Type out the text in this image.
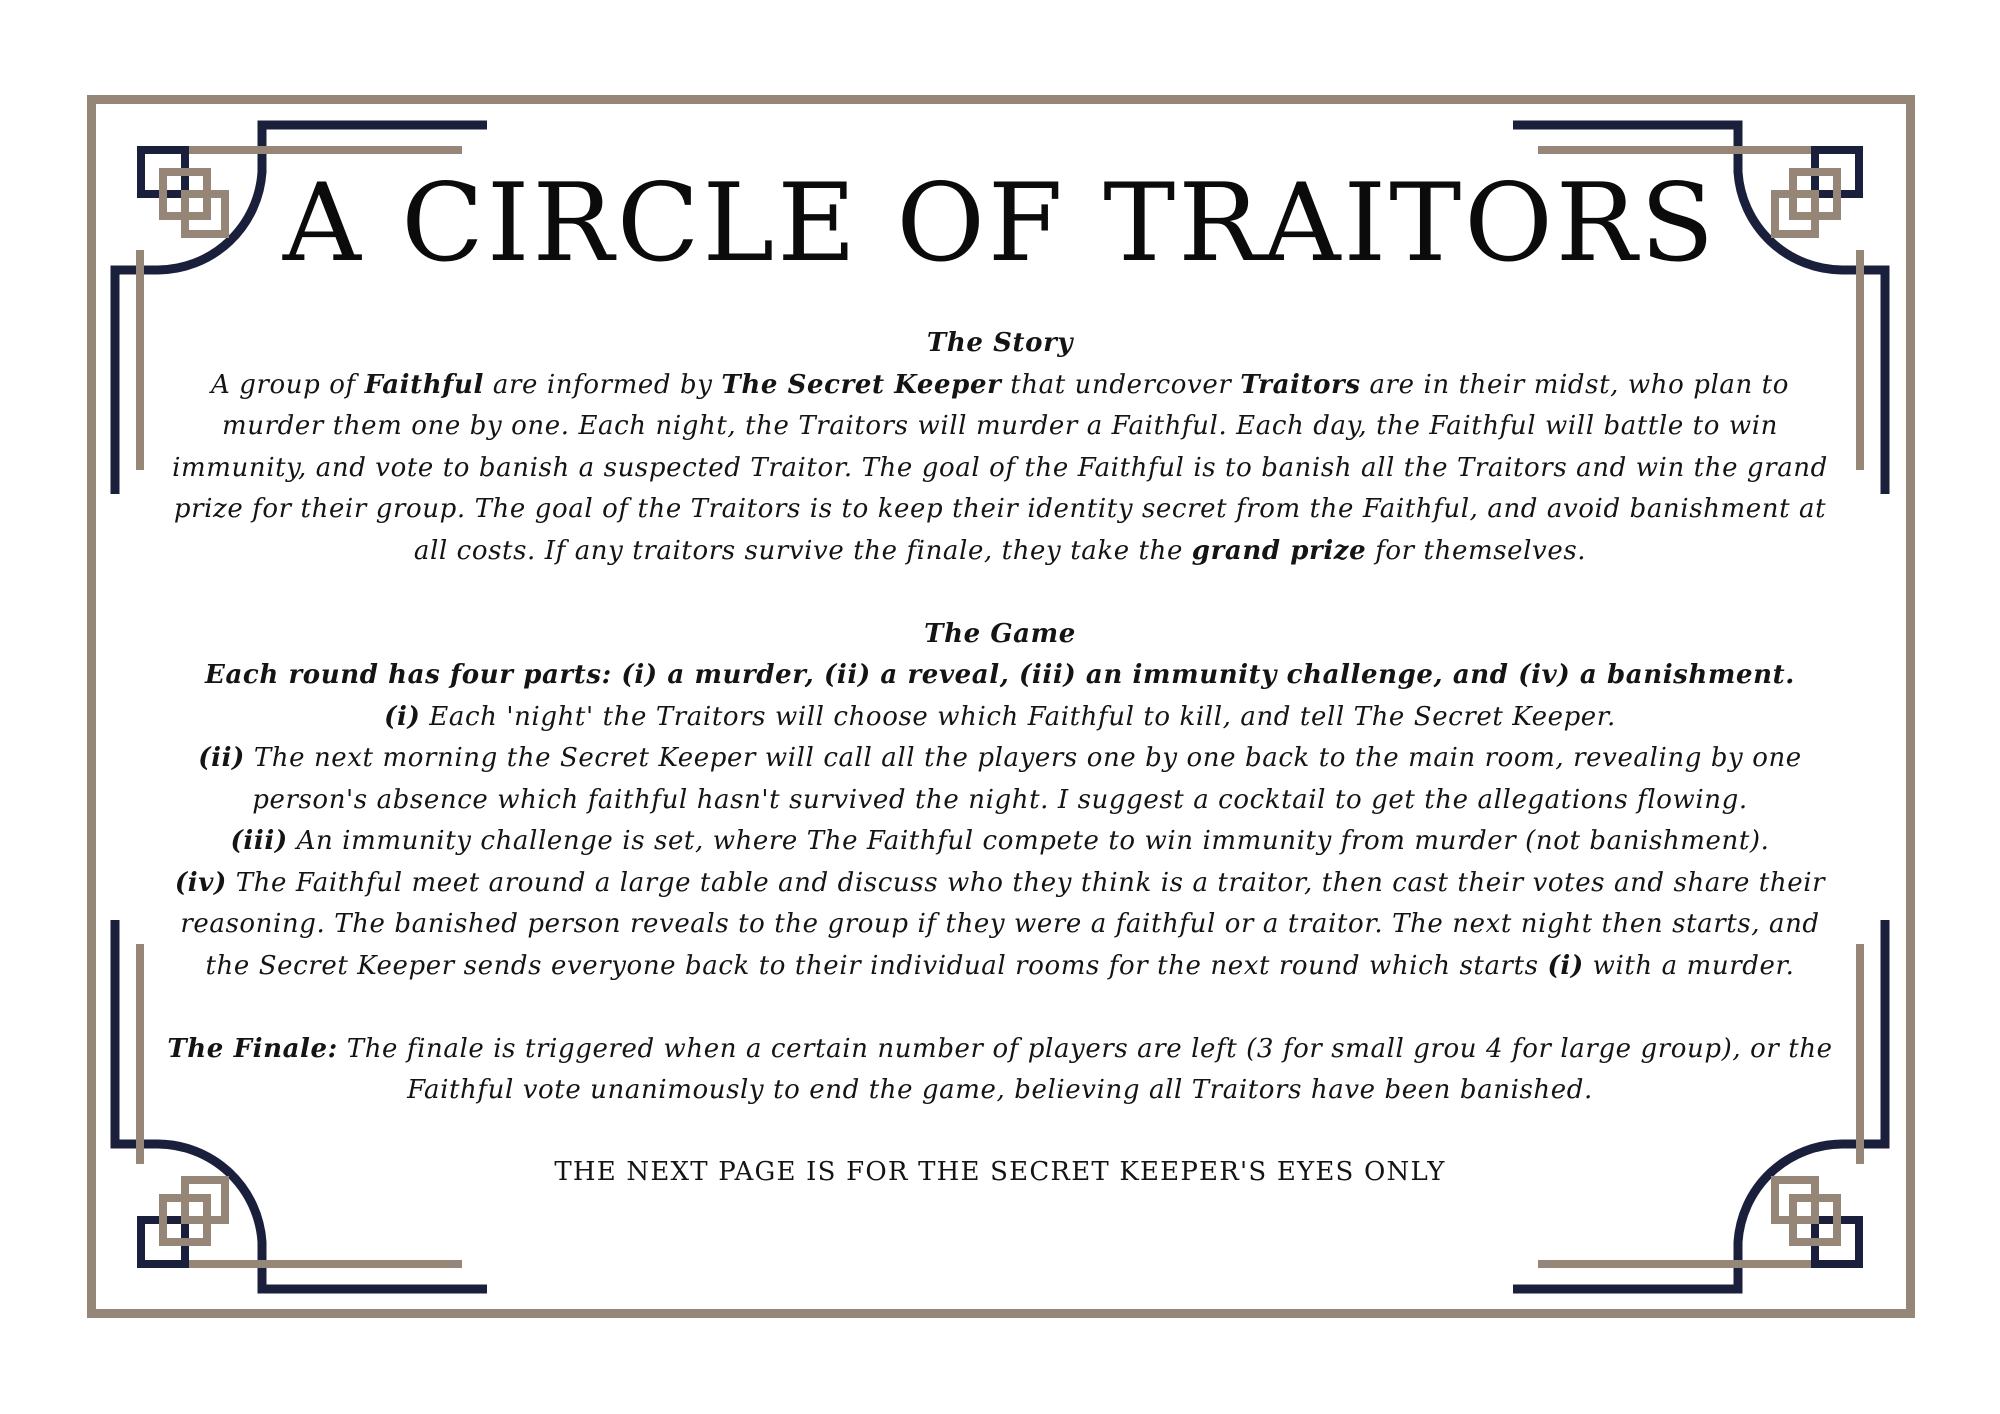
A CIRCLE OF TRAITORS

The Story

A group of Faithful are informed by The Secret Keeper that undercover Traitors are in their midst, who plan to murder them one by one. Each night, the Traitors will murder a Faithful. Each day, the Faithful will battle to win immunity, and vote to banish a suspected Traitor. The goal of the Faithful is to banish all the Traitors and win the grand prize for their group. The goal of the Traitors is to keep their identity secret from the Faithful, and avoid banishment at all costs. If any traitors survive the finale, they take the grand prize for themselves.

The Game

Each round has four parts: (i) a murder, (ii) a reveal, (iii) an immunity challenge, and (iv) a banishment.

(i) Each 'night' the Traitors will choose which Faithful to kill, and tell The Secret Keeper.

(ii) The next morning the Secret Keeper will call all the players one by one back to the main room, revealing by one person's absence which faithful hasn't survived the night. I suggest a cocktail to get the allegations flowing.

(iii) An immunity challenge is set, where The Faithful compete to win immunity from murder (not banishment).

(iv) The Faithful meet around a large table and discuss who they think is a traitor, then cast their votes and share their reasoning. The banished person reveals to the group if they were a faithful or a traitor. The next night then starts, and the Secret Keeper sends everyone back to their individual rooms for the next round which starts (i) with a murder.

The Finale: The finale is triggered when a certain number of players are left (3 for small grou 4 for large group), or the Faithful vote unanimously to end the game, believing all Traitors have been banished.

THE NEXT PAGE IS FOR THE SECRET KEEPER'S EYES ONLY
